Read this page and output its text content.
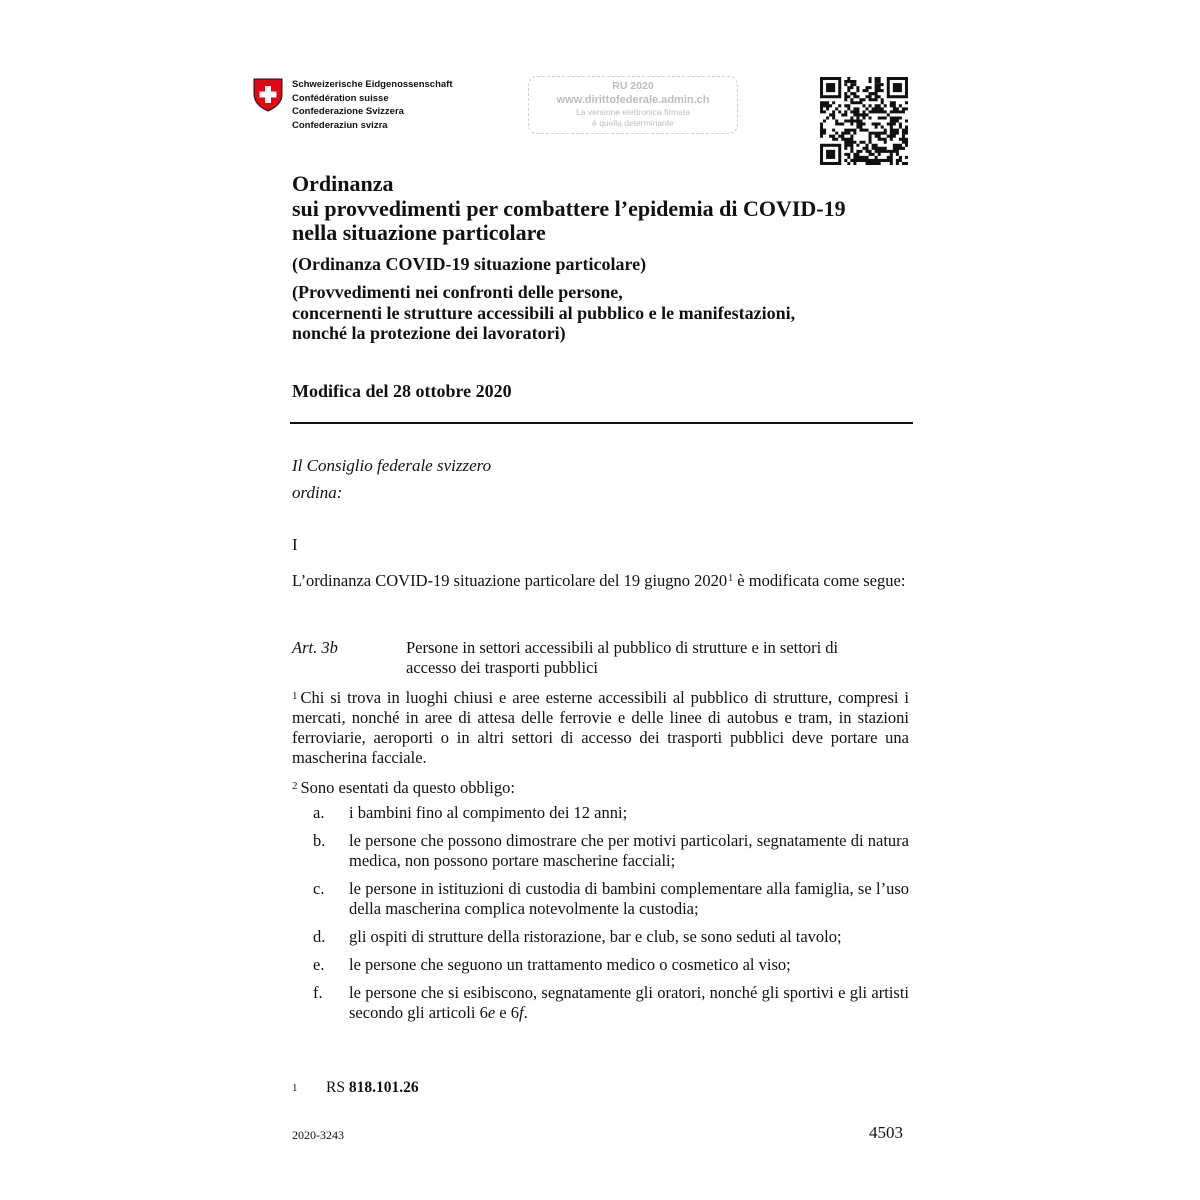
Schweizerische Eidgenossenschaft
Confédération suisse
Confederazione Svizzera
Confederaziun svizra
RU 2020
www.dirittofederale.admin.ch
La versione elettronica firmata
è quella determinante
Ordinanza
sui provvedimenti per combattere l’epidemia di COVID-19
nella situazione particolare
(Ordinanza COVID-19 situazione particolare)
(Provvedimenti nei confronti delle persone,
concernenti le strutture accessibili al pubblico e le manifestazioni,
nonché la protezione dei lavoratori)
Modifica del 28 ottobre 2020
Il Consiglio federale svizzero
ordina:
I
L’ordinanza COVID-19 situazione particolare del 19 giugno 2020$^1$ è modificata come segue:
Art. 3b	Persone in settori accessibili al pubblico di strutture e in settori di accesso dei trasporti pubblici
$^1$ Chi si trova in luoghi chiusi e aree esterne accessibili al pubblico di strutture, compresi i mercati, nonché in aree di attesa delle ferrovie e delle linee di autobus e tram, in stazioni ferroviarie, aeroporti o in altri settori di accesso dei trasporti pubblici deve portare una mascherina facciale.
$^2$ Sono esentati da questo obbligo:
a. i bambini fino al compimento dei 12 anni;
b. le persone che possono dimostrare che per motivi particolari, segnatamente di natura medica, non possono portare mascherine facciali;
c. le persone in istituzioni di custodia di bambini complementare alla famiglia, se l’uso della mascherina complica notevolmente la custodia;
d. gli ospiti di strutture della ristorazione, bar e club, se sono seduti al tavolo;
e. le persone che seguono un trattamento medico o cosmetico al viso;
f. le persone che si esibiscono, segnatamente gli oratori, nonché gli sportivi e gli artisti secondo gli articoli 6e e 6f.
$^1$ RS 818.101.26
2020-3243	4503
